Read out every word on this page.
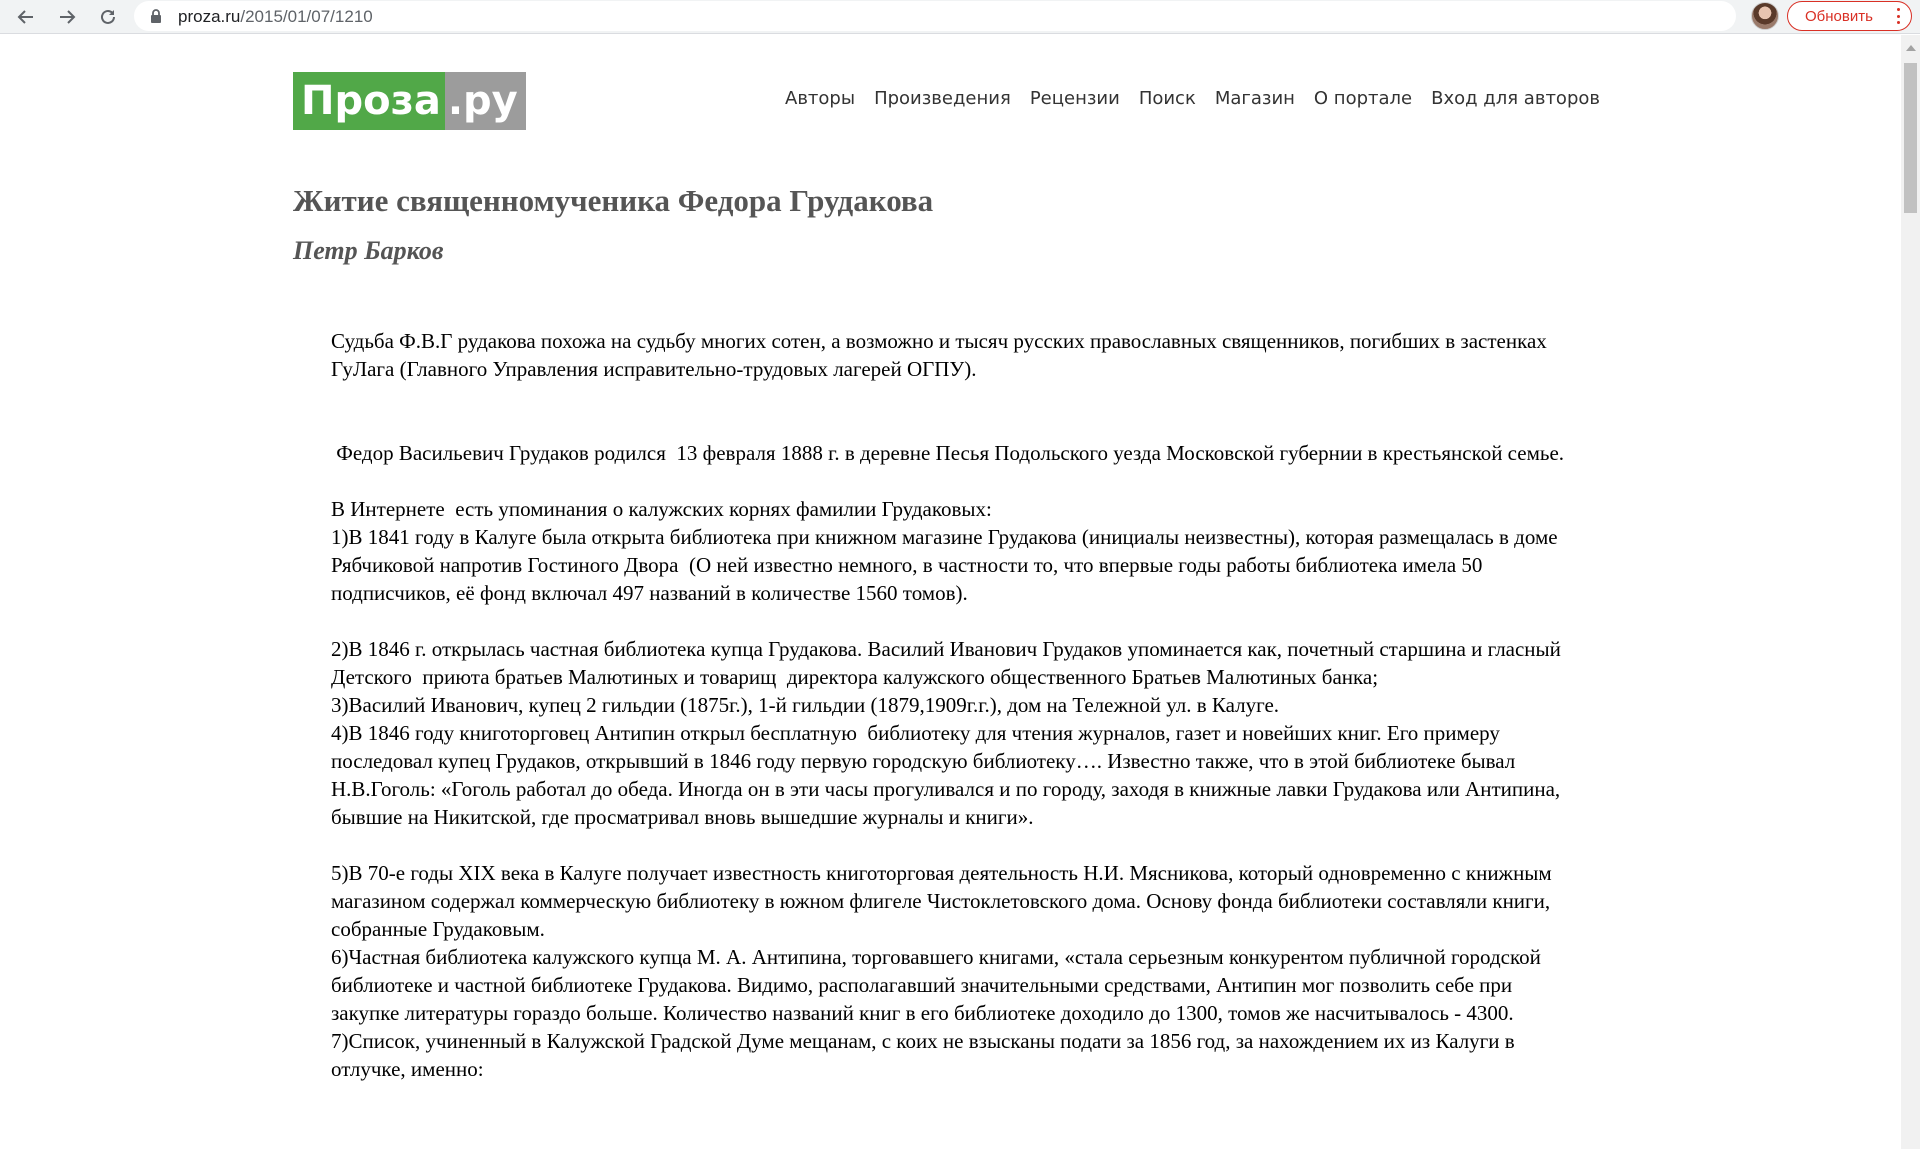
proza.ru/2015/01/07/1210	Обновить
Проза .ру	Авторы Произведения Рецензии Поиск Магазин О портале Вход для авторов
Житие священномученика Федора Грудакова
Петр Барков
Судьба Ф.В.Г рудакова похожа на судьбу многих сотен, а возможно и тысяч русских православных священников, погибших в застенках ГуЛага (Главного Управления исправительно-трудовых лагерей ОГПУ).
Федор Васильевич Грудаков родился  13 февраля 1888 г. в деревне Песья Подольского уезда Московской губернии в крестьянской семье.
В Интернете  есть упоминания о калужских корнях фамилии Грудаковых:
1)В 1841 году в Калуге была открыта библиотека при книжном магазине Грудакова (инициалы неизвестны), которая размещалась в доме Рябчиковой напротив Гостиного Двора  (О ней известно немного, в частности то, что впервые годы работы библиотека имела 50 подписчиков, её фонд включал 497 названий в количестве 1560 томов).
2)В 1846 г. открылась частная библиотека купца Грудакова. Василий Иванович Грудаков упоминается как, почетный старшина и гласный Детского  приюта братьев Малютиных и товарищ  директора калужского общественного Братьев Малютиных банка;
3)Василий Иванович, купец 2 гильдии (1875г.), 1-й гильдии (1879,1909г.г.), дом на Тележной ул. в Калуге.
4)В 1846 году книготорговец Антипин открыл бесплатную  библиотеку для чтения журналов, газет и новейших книг. Его примеру последовал купец Грудаков, открывший в 1846 году первую городскую библиотеку…. Известно также, что в этой библиотеке бывал Н.В.Гоголь: «Гоголь работал до обеда. Иногда он в эти часы прогуливался и по городу, заходя в книжные лавки Грудакова или Антипина, бывшие на Никитской, где просматривал вновь вышедшие журналы и книги».
5)В 70-е годы XIX века в Калуге получает известность книготорговая деятельность Н.И. Мясникова, который одновременно с книжным магазином содержал коммерческую библиотеку в южном флигеле Чистоклетовского дома. Основу фонда библиотеки составляли книги, собранные Грудаковым.
6)Частная библиотека калужского купца М. А. Антипина, торговавшего книгами, «стала серьезным конкурентом публичной городской библиотеке и частной библиотеке Грудакова. Видимо, располагавший значительными средствами, Антипин мог позволить себе при закупке литературы гораздо больше. Количество названий книг в его библиотеке доходило до 1300, томов же насчитывалось - 4300.
7)Список, учиненный в Калужской Градской Думе мещанам, с коих не взысканы подати за 1856 год, за нахождением их из Калуги в отлучке, именно:
